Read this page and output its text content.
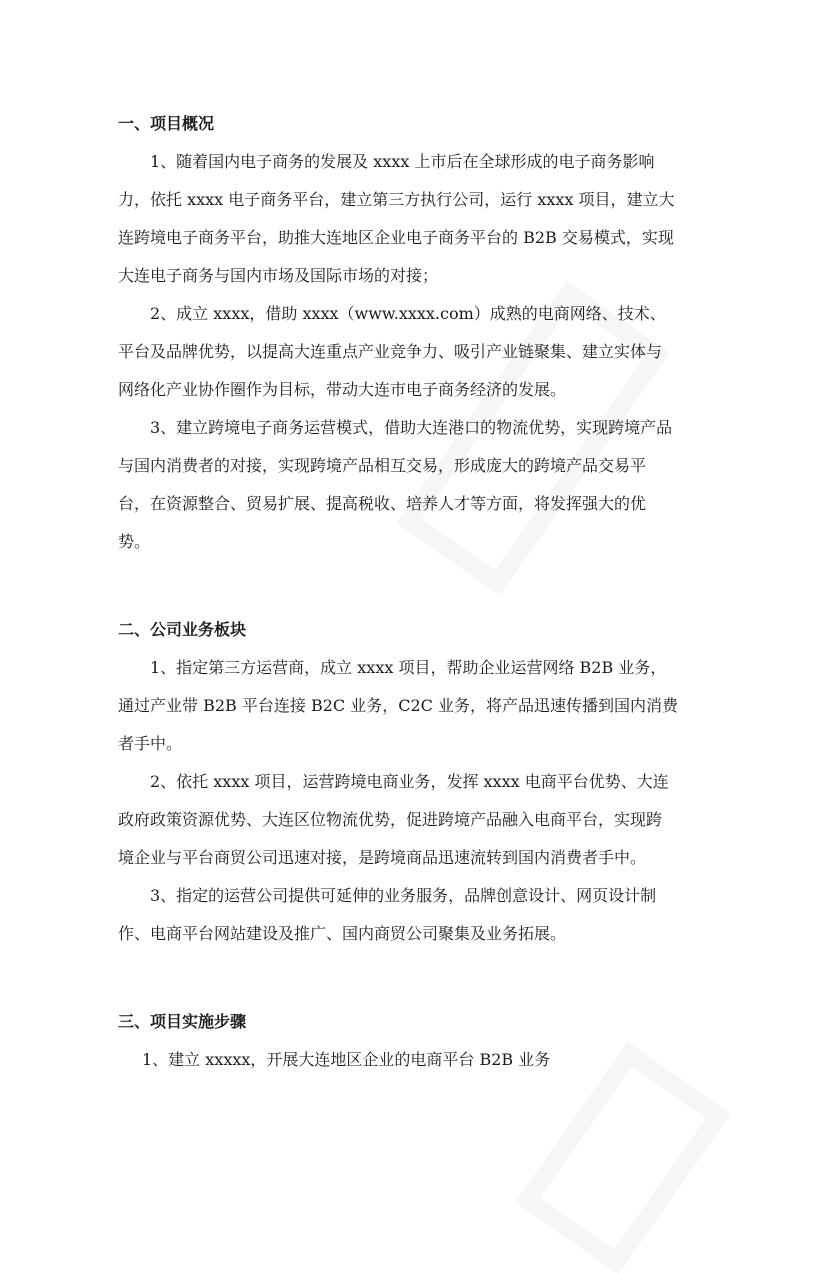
一、项目概况
1、随着国内电子商务的发展及 xxxx 上市后在全球形成的电子商务影响
力，依托 xxxx 电子商务平台，建立第三方执行公司，运行 xxxx 项目，建立大
连跨境电子商务平台，助推大连地区企业电子商务平台的 B2B 交易模式，实现
大连电子商务与国内市场及国际市场的对接；
2、成立 xxxx，借助 xxxx（www.xxxx.com）成熟的电商网络、技术、
平台及品牌优势，以提高大连重点产业竞争力、吸引产业链聚集、建立实体与
网络化产业协作圈作为目标，带动大连市电子商务经济的发展。
3、建立跨境电子商务运营模式，借助大连港口的物流优势，实现跨境产品
与国内消费者的对接，实现跨境产品相互交易，形成庞大的跨境产品交易平
台，在资源整合、贸易扩展、提高税收、培养人才等方面，将发挥强大的优
势。
二、公司业务板块
1、指定第三方运营商，成立 xxxx 项目，帮助企业运营网络 B2B 业务，
通过产业带 B2B 平台连接 B2C 业务，C2C 业务，将产品迅速传播到国内消费
者手中。
2、依托 xxxx 项目，运营跨境电商业务，发挥 xxxx 电商平台优势、大连
政府政策资源优势、大连区位物流优势，促进跨境产品融入电商平台，实现跨
境企业与平台商贸公司迅速对接，是跨境商品迅速流转到国内消费者手中。
3、指定的运营公司提供可延伸的业务服务，品牌创意设计、网页设计制
作、电商平台网站建设及推广、国内商贸公司聚集及业务拓展。
三、项目实施步骤
1、建立 xxxxx，开展大连地区企业的电商平台 B2B 业务
